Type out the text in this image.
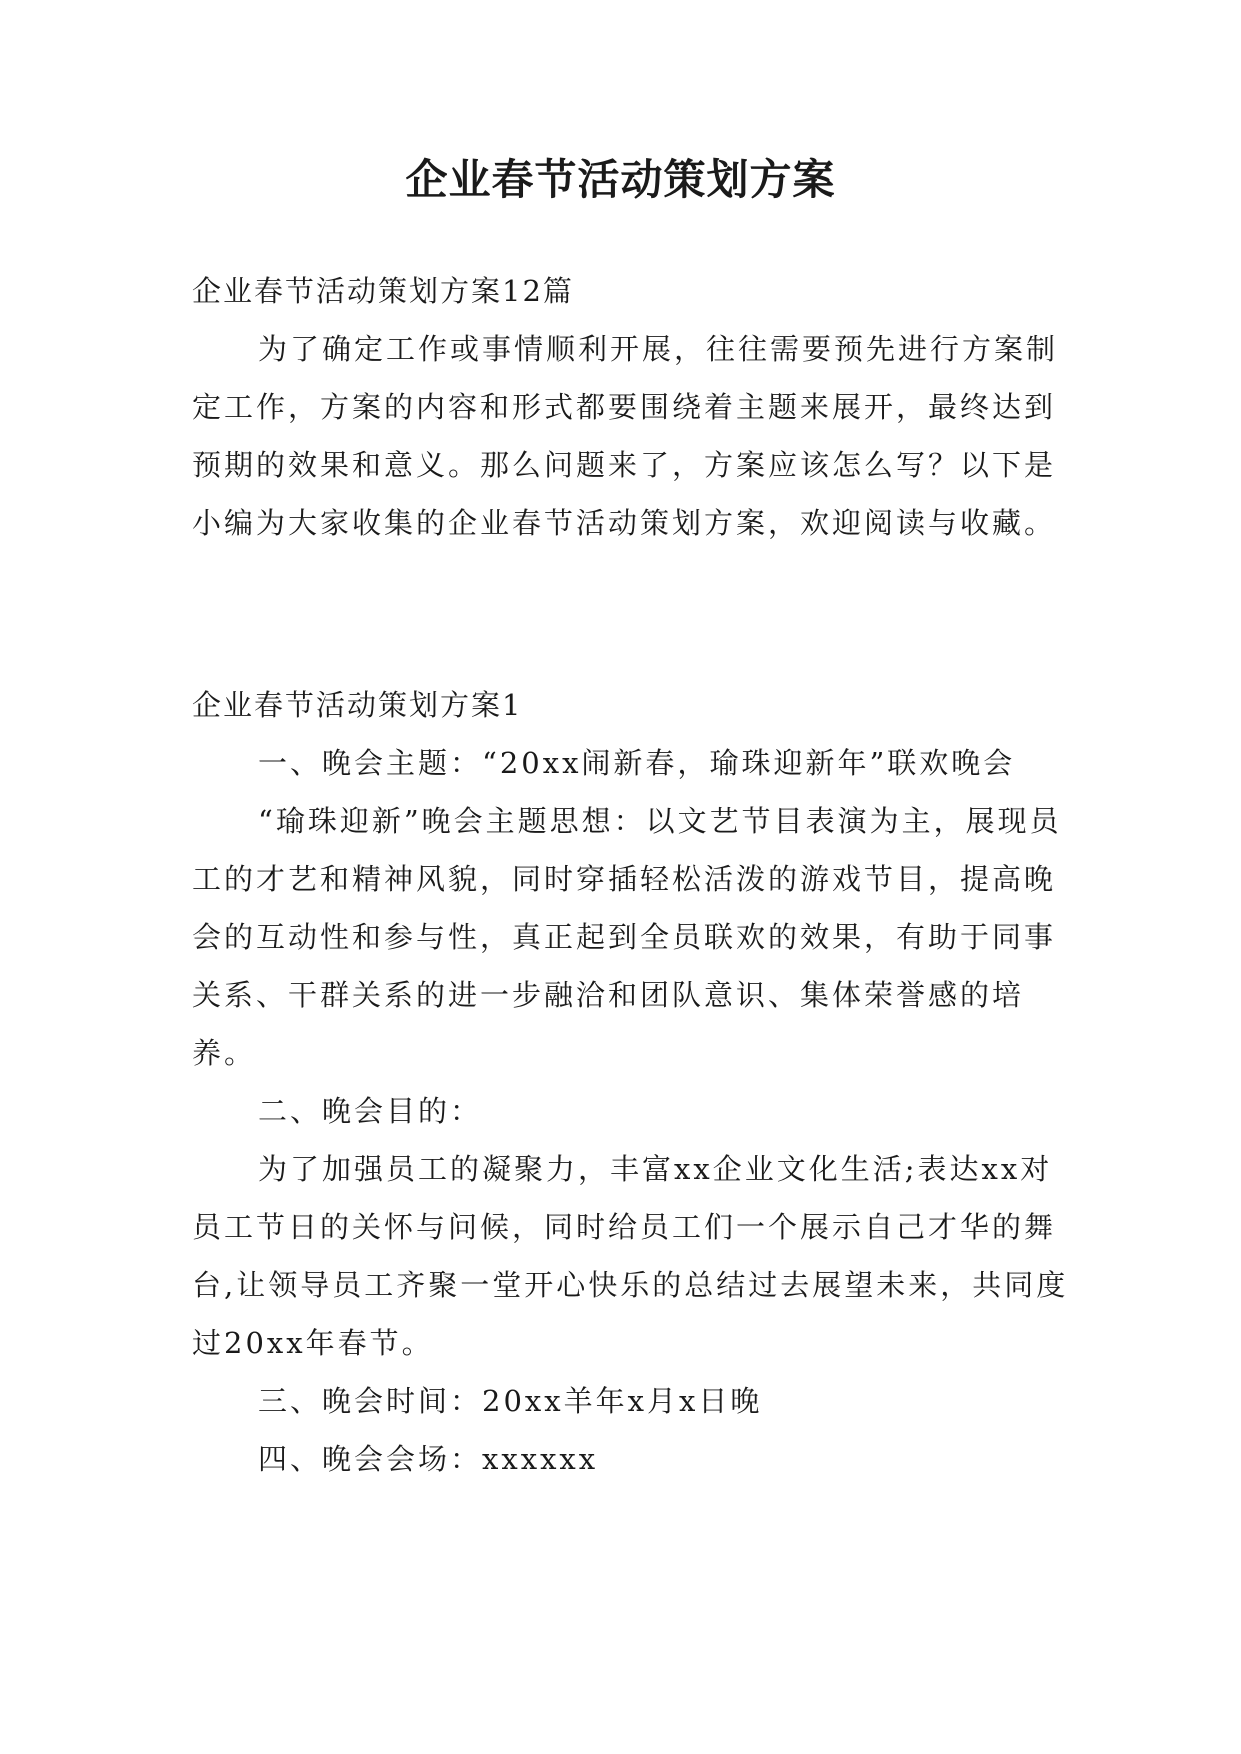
企业春节活动策划方案

企业春节活动策划方案12篇

为了确定工作或事情顺利开展，往往需要预先进行方案制定工作，方案的内容和形式都要围绕着主题来展开，最终达到预期的效果和意义。那么问题来了，方案应该怎么写？以下是小编为大家收集的企业春节活动策划方案，欢迎阅读与收藏。

企业春节活动策划方案1

一、晚会主题：“20xx闹新春，瑜珠迎新年”联欢晚会

“瑜珠迎新”晚会主题思想：以文艺节目表演为主，展现员工的才艺和精神风貌，同时穿插轻松活泼的游戏节目，提高晚会的互动性和参与性，真正起到全员联欢的效果，有助于同事关系、干群关系的进一步融洽和团队意识、集体荣誉感的培养。

二、晚会目的：

为了加强员工的凝聚力，丰富xx企业文化生活;表达xx对员工节日的关怀与问候，同时给员工们一个展示自己才华的舞台,让领导员工齐聚一堂开心快乐的总结过去展望未来，共同度过20xx年春节。

三、晚会时间：20xx羊年x月x日晚

四、晚会会场：xxxxxx
